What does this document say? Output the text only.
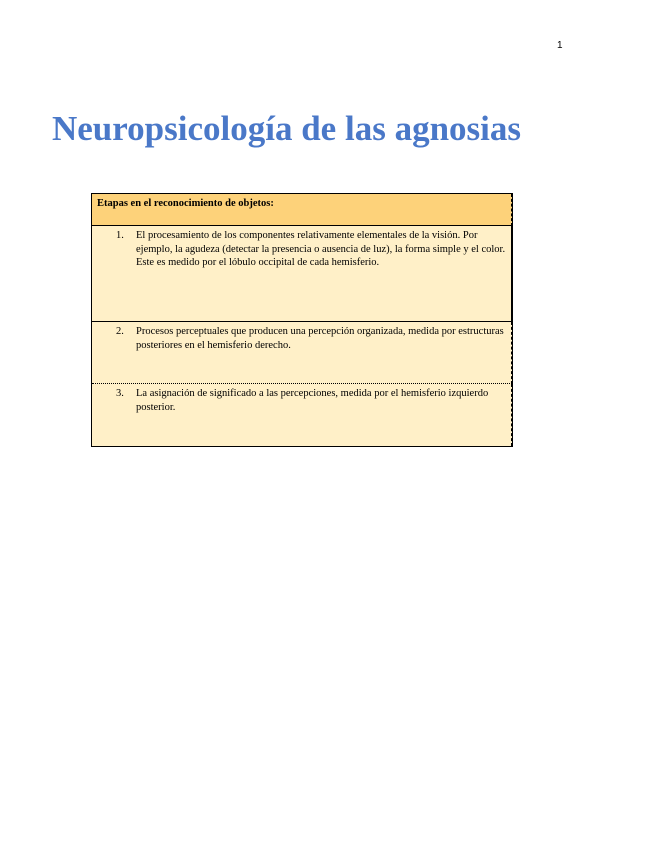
1
Neuropsicología de las agnosias
Etapas en el reconocimiento de objetos:
1. El procesamiento de los componentes relativamente elementales de la visión. Por ejemplo, la agudeza (detectar la presencia o ausencia de luz), la forma simple y el color. Este es medido por el lóbulo occipital de cada hemisferio.
2. Procesos perceptuales que producen una percepción organizada, medida por estructuras posteriores en el hemisferio derecho.
3. La asignación de significado a las percepciones, medida por el hemisferio izquierdo posterior.
